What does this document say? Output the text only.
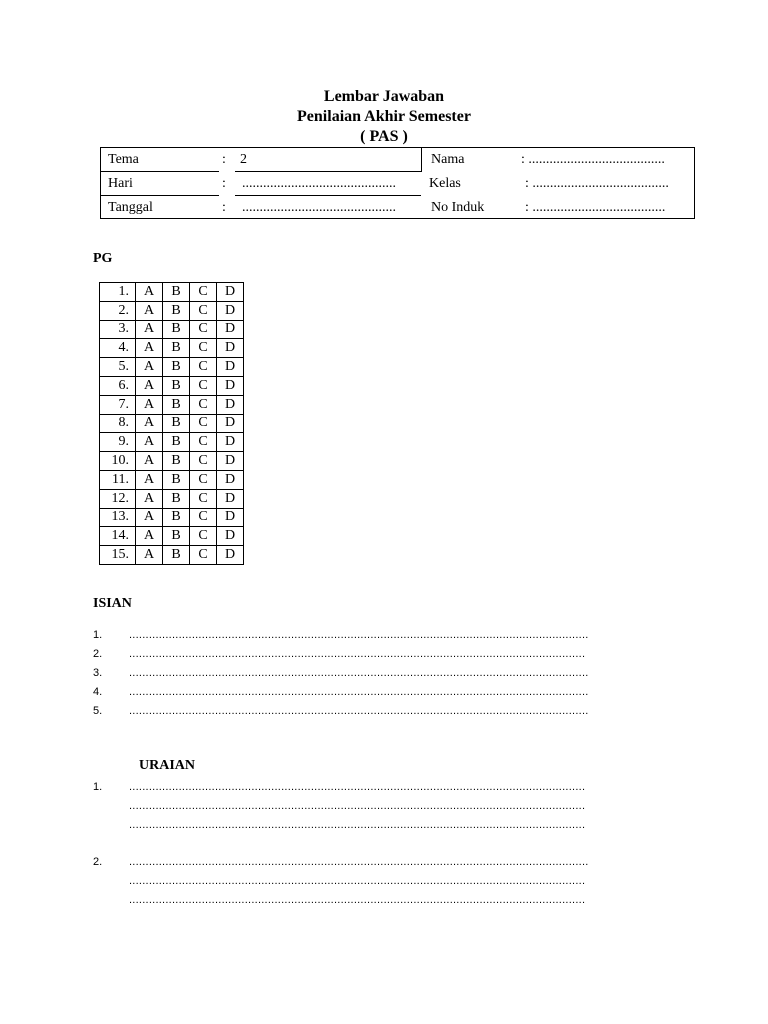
Lembar Jawaban
Penilaian Akhir Semester
( PAS )
Tema	: 2	Nama	: .......................................
Hari	: ............................................ Kelas	: .......................................
Tanggal	: ............................................	No Induk	: ......................................
PG
1.	A	B	C	D
2.	A	B	C	D
3.	A	B	C	D
4.	A	B	C	D
5.	A	B	C	D
6.	A	B	C	D
7.	A	B	C	D
8.	A	B	C	D
9.	A	B	C	D
10.	A	B	C	D
11.	A	B	C	D
12.	A	B	C	D
13.	A	B	C	D
14.	A	B	C	D
15.	A	B	C	D
ISIAN
1. ...........................................................................................................................................
2. ..........................................................................................................................................
3. ...........................................................................................................................................
4. ...........................................................................................................................................
5. ...........................................................................................................................................
URAIAN
1. ..........................................................................................................................................
..........................................................................................................................................
..........................................................................................................................................
2. ...........................................................................................................................................
..........................................................................................................................................
..........................................................................................................................................
